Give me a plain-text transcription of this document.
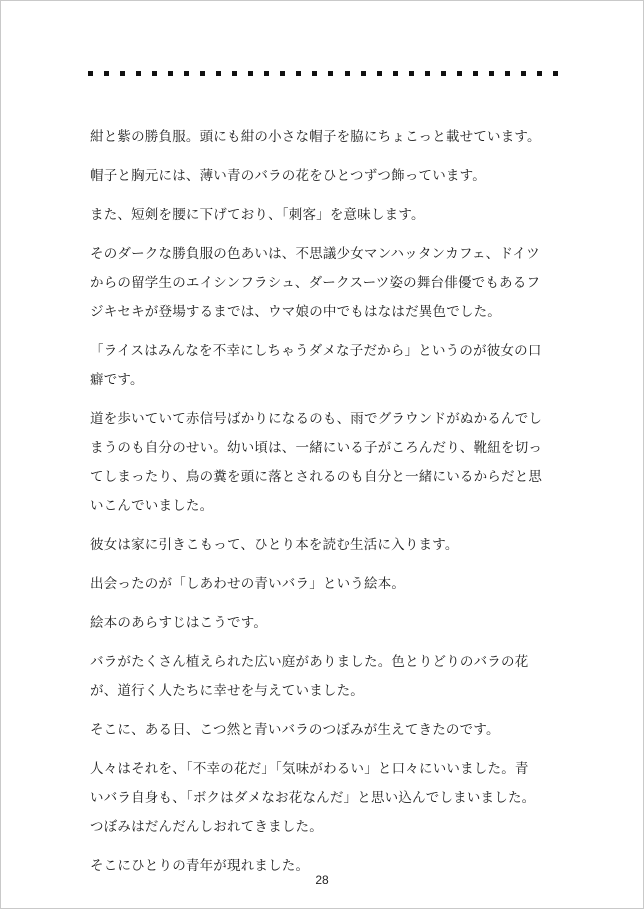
紺と紫の勝負服。頭にも紺の小さな帽子を脇にちょこっと載せています。

帽子と胸元には、薄い青のバラの花をひとつずつ飾っています。

また、短剣を腰に下げており、「刺客」を意味します。

そのダークな勝負服の色あいは、不思議少女マンハッタンカフェ、ドイツ
からの留学生のエイシンフラシュ、ダークスーツ姿の舞台俳優でもあるフ
ジキセキが登場するまでは、ウマ娘の中でもはなはだ異色でした。

「ライスはみんなを不幸にしちゃうダメな子だから」というのが彼女の口
癖です。

道を歩いていて赤信号ばかりになるのも、雨でグラウンドがぬかるんでし
まうのも自分のせい。幼い頃は、一緒にいる子がころんだり、靴紐を切っ
てしまったり、鳥の糞を頭に落とされるのも自分と一緒にいるからだと思
いこんでいました。

彼女は家に引きこもって、ひとり本を読む生活に入ります。

出会ったのが「しあわせの青いバラ」という絵本。

絵本のあらすじはこうです。

バラがたくさん植えられた広い庭がありました。色とりどりのバラの花
が、道行く人たちに幸せを与えていました。

そこに、ある日、こつ然と青いバラのつぼみが生えてきたのです。

人々はそれを、「不幸の花だ」「気味がわるい」と口々にいいました。青
いバラ自身も、「ボクはダメなお花なんだ」と思い込んでしまいました。
つぼみはだんだんしおれてきました。

そこにひとりの青年が現れました。

28
